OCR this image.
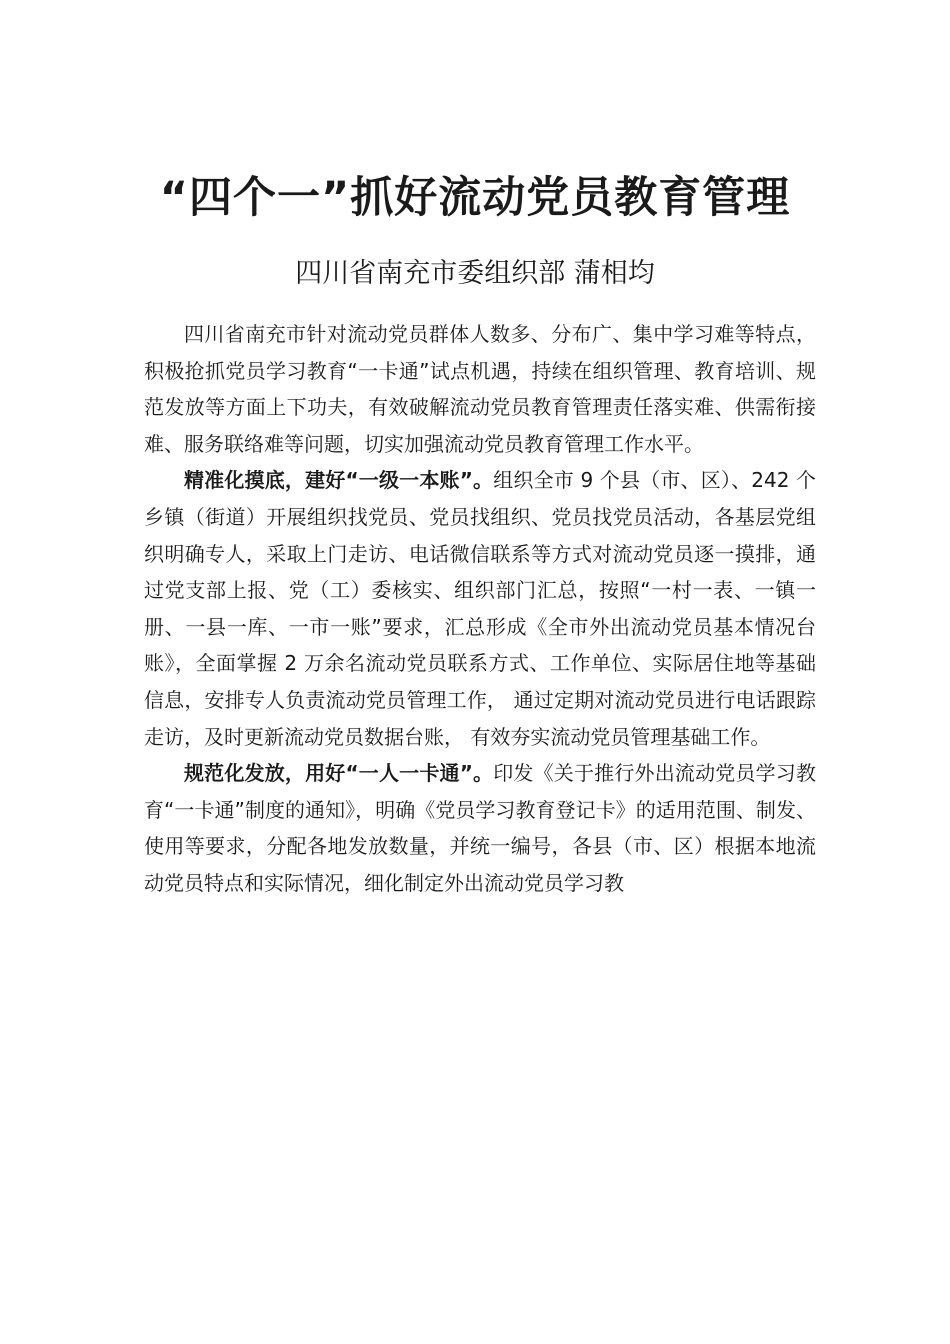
“四个一”抓好流动党员教育管理

四川省南充市委组织部 蒲相均

四川省南充市针对流动党员群体人数多、分布广、集中学习难等特点，积极抢抓党员学习教育“一卡通”试点机遇，持续在组织管理、教育培训、规范发放等方面上下功夫，有效破解流动党员教育管理责任落实难、供需衔接难、服务联络难等问题，切实加强流动党员教育管理工作水平。

精准化摸底，建好“一级一本账”。组织全市 9 个县（市、区）、242 个乡镇（街道）开展组织找党员、党员找组织、党员找党员活动，各基层党组织明确专人，采取上门走访、电话微信联系等方式对流动党员逐一摸排，通过党支部上报、党（工）委核实、组织部门汇总，按照“一村一表、一镇一册、一县一库、一市一账”要求，汇总形成《全市外出流动党员基本情况台账》，全面掌握 2 万余名流动党员联系方式、工作单位、实际居住地等基础信息，安排专人负责流动党员管理工作， 通过定期对流动党员进行电话跟踪走访，及时更新流动党员数据台账， 有效夯实流动党员管理基础工作。

规范化发放，用好“一人一卡通”。印发《关于推行外出流动党员学习教育“一卡通”制度的通知》，明确《党员学习教育登记卡》的适用范围、制发、使用等要求，分配各地发放数量，并统一编号，各县（市、区）根据本地流动党员特点和实际情况，细化制定外出流动党员学习教
